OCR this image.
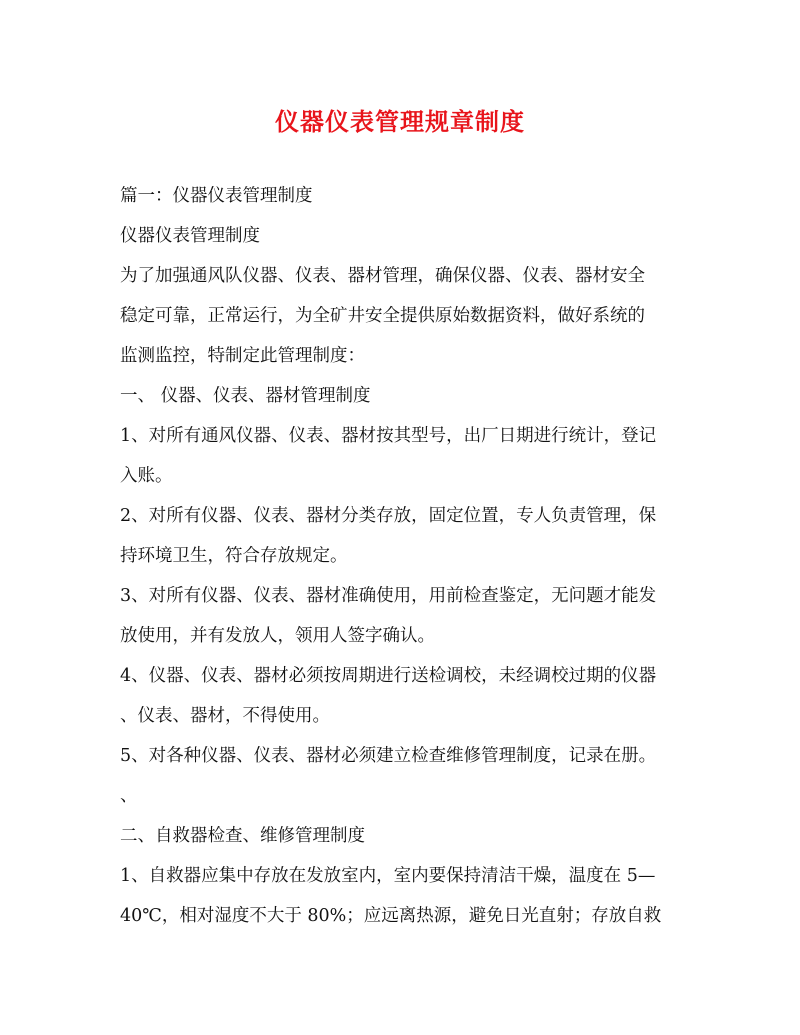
仪器仪表管理规章制度
篇一：仪器仪表管理制度
仪器仪表管理制度
为了加强通风队仪器、仪表、器材管理，确保仪器、仪表、器材安全
稳定可靠，正常运行，为全矿井安全提供原始数据资料，做好系统的
监测监控，特制定此管理制度：
一、 仪器、仪表、器材管理制度
1、对所有通风仪器、仪表、器材按其型号，出厂日期进行统计，登记
入账。
2、对所有仪器、仪表、器材分类存放，固定位置，专人负责管理，保
持环境卫生，符合存放规定。
3、对所有仪器、仪表、器材准确使用，用前检查鉴定，无问题才能发
放使用，并有发放人，领用人签字确认。
4、仪器、仪表、器材必须按周期进行送检调校，未经调校过期的仪器
、仪表、器材，不得使用。
5、对各种仪器、仪表、器材必须建立检查维修管理制度，记录在册。
、
二、自救器检查、维修管理制度
1、自救器应集中存放在发放室内，室内要保持清洁干燥，温度在 5—
40℃，相对湿度不大于 80%；应远离热源，避免日光直射；存放自救
